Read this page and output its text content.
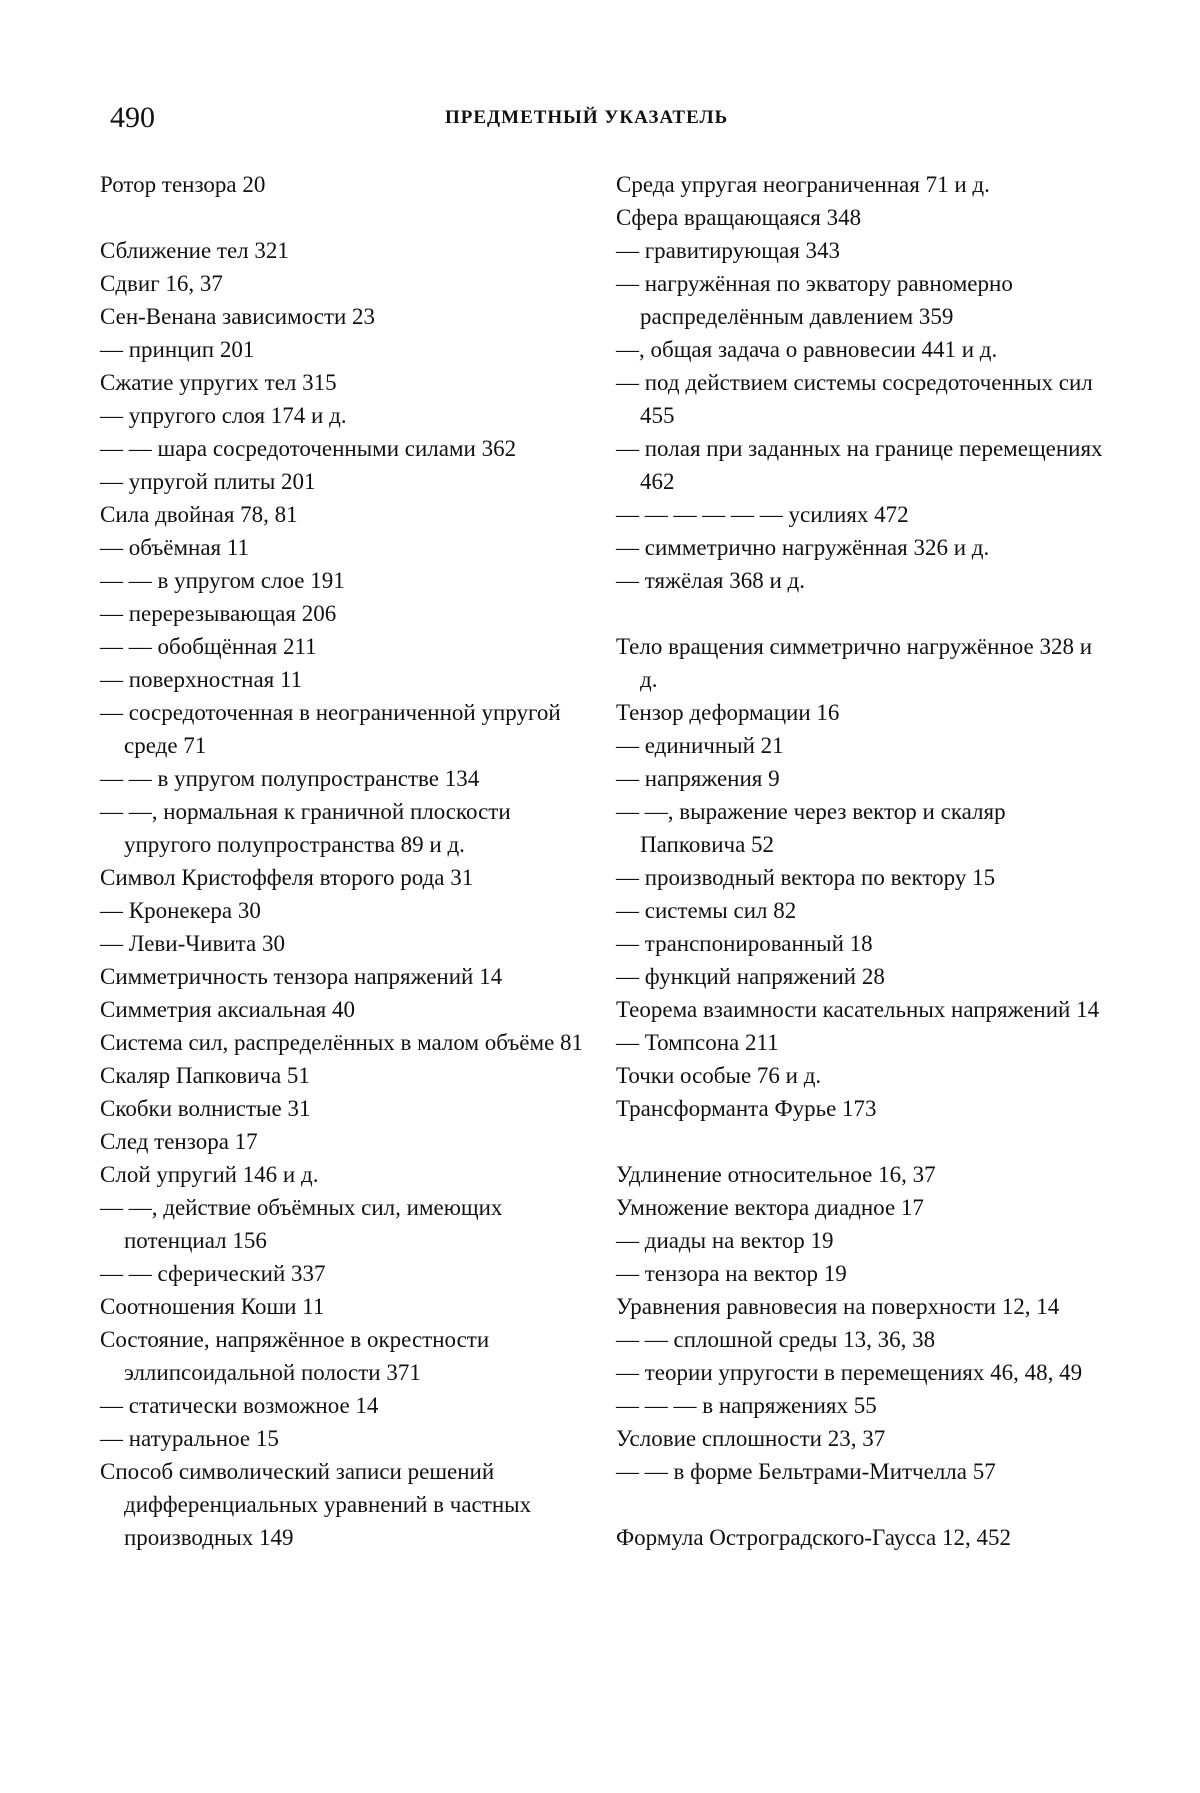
490	ПРЕДМЕТНЫЙ УКАЗАТЕЛЬ
Ротор тензора 20
Сближение тел 321
Сдвиг 16, 37
Сен-Венана зависимости 23
— принцип 201
Сжатие упругих тел 315
— упругого слоя 174 и д.
— — шара сосредоточенными силами 362
— упругой плиты 201
Сила двойная 78, 81
— объёмная 11
— — в упругом слое 191
— перерезывающая 206
— — обобщённая 211
— поверхностная 11
— сосредоточенная в неограниченной упругой среде 71
— — в упругом полупространстве 134
— —, нормальная к граничной плоскости упругого полупространства 89 и д.
Символ Кристоффеля второго рода 31
— Кронекера 30
— Леви-Чивита 30
Симметричность тензора напряжений 14
Симметрия аксиальная 40
Система сил, распределённых в малом объёме 81
Скаляр Папковича 51
Скобки волнистые 31
След тензора 17
Слой упругий 146 и д.
— —, действие объёмных сил, имеющих потенциал 156
— — сферический 337
Соотношения Коши 11
Состояние, напряжённое в окрестности эллипсоидальной полости 371
— статически возможное 14
— натуральное 15
Способ символический записи решений дифференциальных уравнений в частных производных 149
Среда упругая неограниченная 71 и д.
Сфера вращающаяся 348
— гравитирующая 343
— нагружённая по экватору равномерно распределённым давлением 359
—, общая задача о равновесии 441 и д.
— под действием системы сосредоточенных сил 455
— полая при заданных на границе перемещениях 462
— — — — — — усилиях 472
— симметрично нагружённая 326 и д.
— тяжёлая 368 и д.
Тело вращения симметрично нагружённое 328 и д.
Тензор деформации 16
— единичный 21
— напряжения 9
— —, выражение через вектор и скаляр Папковича 52
— производный вектора по вектору 15
— системы сил 82
— транспонированный 18
— функций напряжений 28
Теорема взаимности касательных напряжений 14
— Томпсона 211
Точки особые 76 и д.
Трансформанта Фурье 173
Удлинение относительное 16, 37
Умножение вектора диадное 17
— диады на вектор 19
— тензора на вектор 19
Уравнения равновесия на поверхности 12, 14
— — сплошной среды 13, 36, 38
— теории упругости в перемещениях 46, 48, 49
— — — в напряжениях 55
Условие сплошности 23, 37
— — в форме Бельтрами-Митчелла 57
Формула Остроградского-Гаусса 12, 452
